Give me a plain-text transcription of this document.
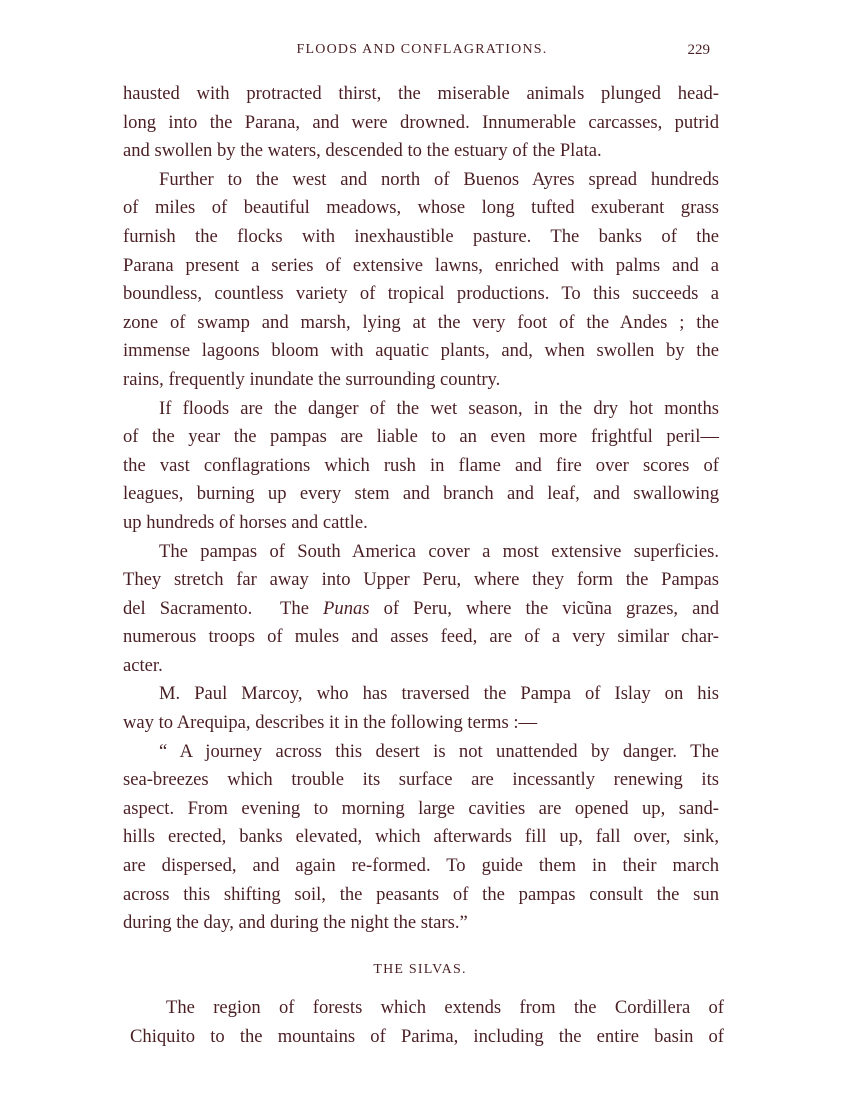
FLOODS AND CONFLAGRATIONS.	229
hausted with protracted thirst, the miserable animals plunged head-
long into the Parana, and were drowned. Innumerable carcasses, putrid
and swollen by the waters, descended to the estuary of the Plata.
Further to the west and north of Buenos Ayres spread hundreds
of miles of beautiful meadows, whose long tufted exuberant grass
furnish the flocks with inexhaustible pasture. The banks of the
Parana present a series of extensive lawns, enriched with palms and a
boundless, countless variety of tropical productions. To this succeeds a
zone of swamp and marsh, lying at the very foot of the Andes ; the
immense lagoons bloom with aquatic plants, and, when swollen by the
rains, frequently inundate the surrounding country.
If floods are the danger of the wet season, in the dry hot months
of the year the pampas are liable to an even more frightful peril—
the vast conflagrations which rush in flame and fire over scores of
leagues, burning up every stem and branch and leaf, and swallowing
up hundreds of horses and cattle.
The pampas of South America cover a most extensive superficies.
They stretch far away into Upper Peru, where they form the Pampas
del Sacramento.  The Punas of Peru, where the vicũna grazes, and
numerous troops of mules and asses feed, are of a very similar char-
acter.
M. Paul Marcoy, who has traversed the Pampa of Islay on his
way to Arequipa, describes it in the following terms :—
“ A journey across this desert is not unattended by danger. The
sea-breezes which trouble its surface are incessantly renewing its
aspect. From evening to morning large cavities are opened up, sand-
hills erected, banks elevated, which afterwards fill up, fall over, sink,
are dispersed, and again re-formed. To guide them in their march
across this shifting soil, the peasants of the pampas consult the sun
during the day, and during the night the stars.”
THE SILVAS.
The region of forests which extends from the Cordillera of
Chiquito to the mountains of Parima, including the entire basin of
